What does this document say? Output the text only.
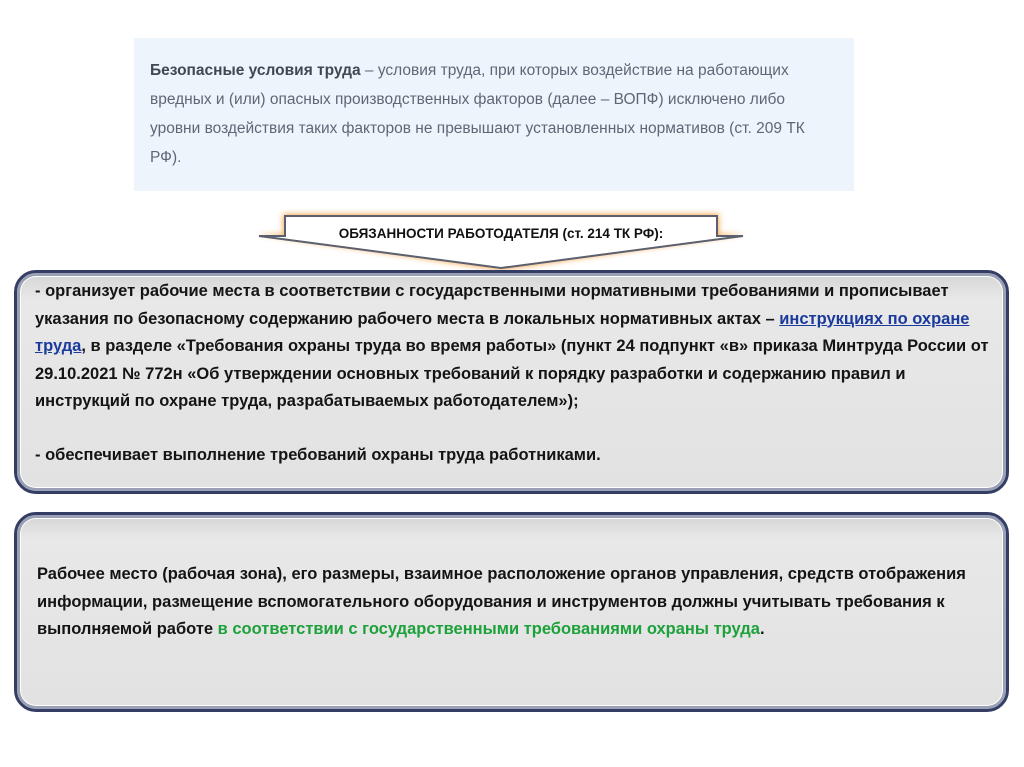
Безопасные условия труда – условия труда, при которых воздействие на работающих вредных и (или) опасных производственных факторов (далее – ВОПФ) исключено либо уровни воздействия таких факторов не превышают установленных нормативов (ст. 209 ТК РФ).
ОБЯЗАННОСТИ РАБОТОДАТЕЛЯ (ст. 214 ТК РФ):

- организует рабочие места в соответствии с государственными нормативными требованиями и прописывает указания по безопасному содержанию рабочего места в локальных нормативных актах – инструкциях по охране труда, в разделе «Требования охраны труда во время работы» (пункт 24 подпункт «в» приказа Минтруда России от 29.10.2021 № 772н «Об утверждении основных требований к порядку разработки и содержанию правил и инструкций по охране труда, разрабатываемых работодателем»);

- обеспечивает выполнение требований охраны труда работниками.

Рабочее место (рабочая зона), его размеры, взаимное расположение органов управления, средств отображения информации, размещение вспомогательного оборудования и инструментов должны учитывать требования к выполняемой работе в соответствии с государственными требованиями охраны труда.
